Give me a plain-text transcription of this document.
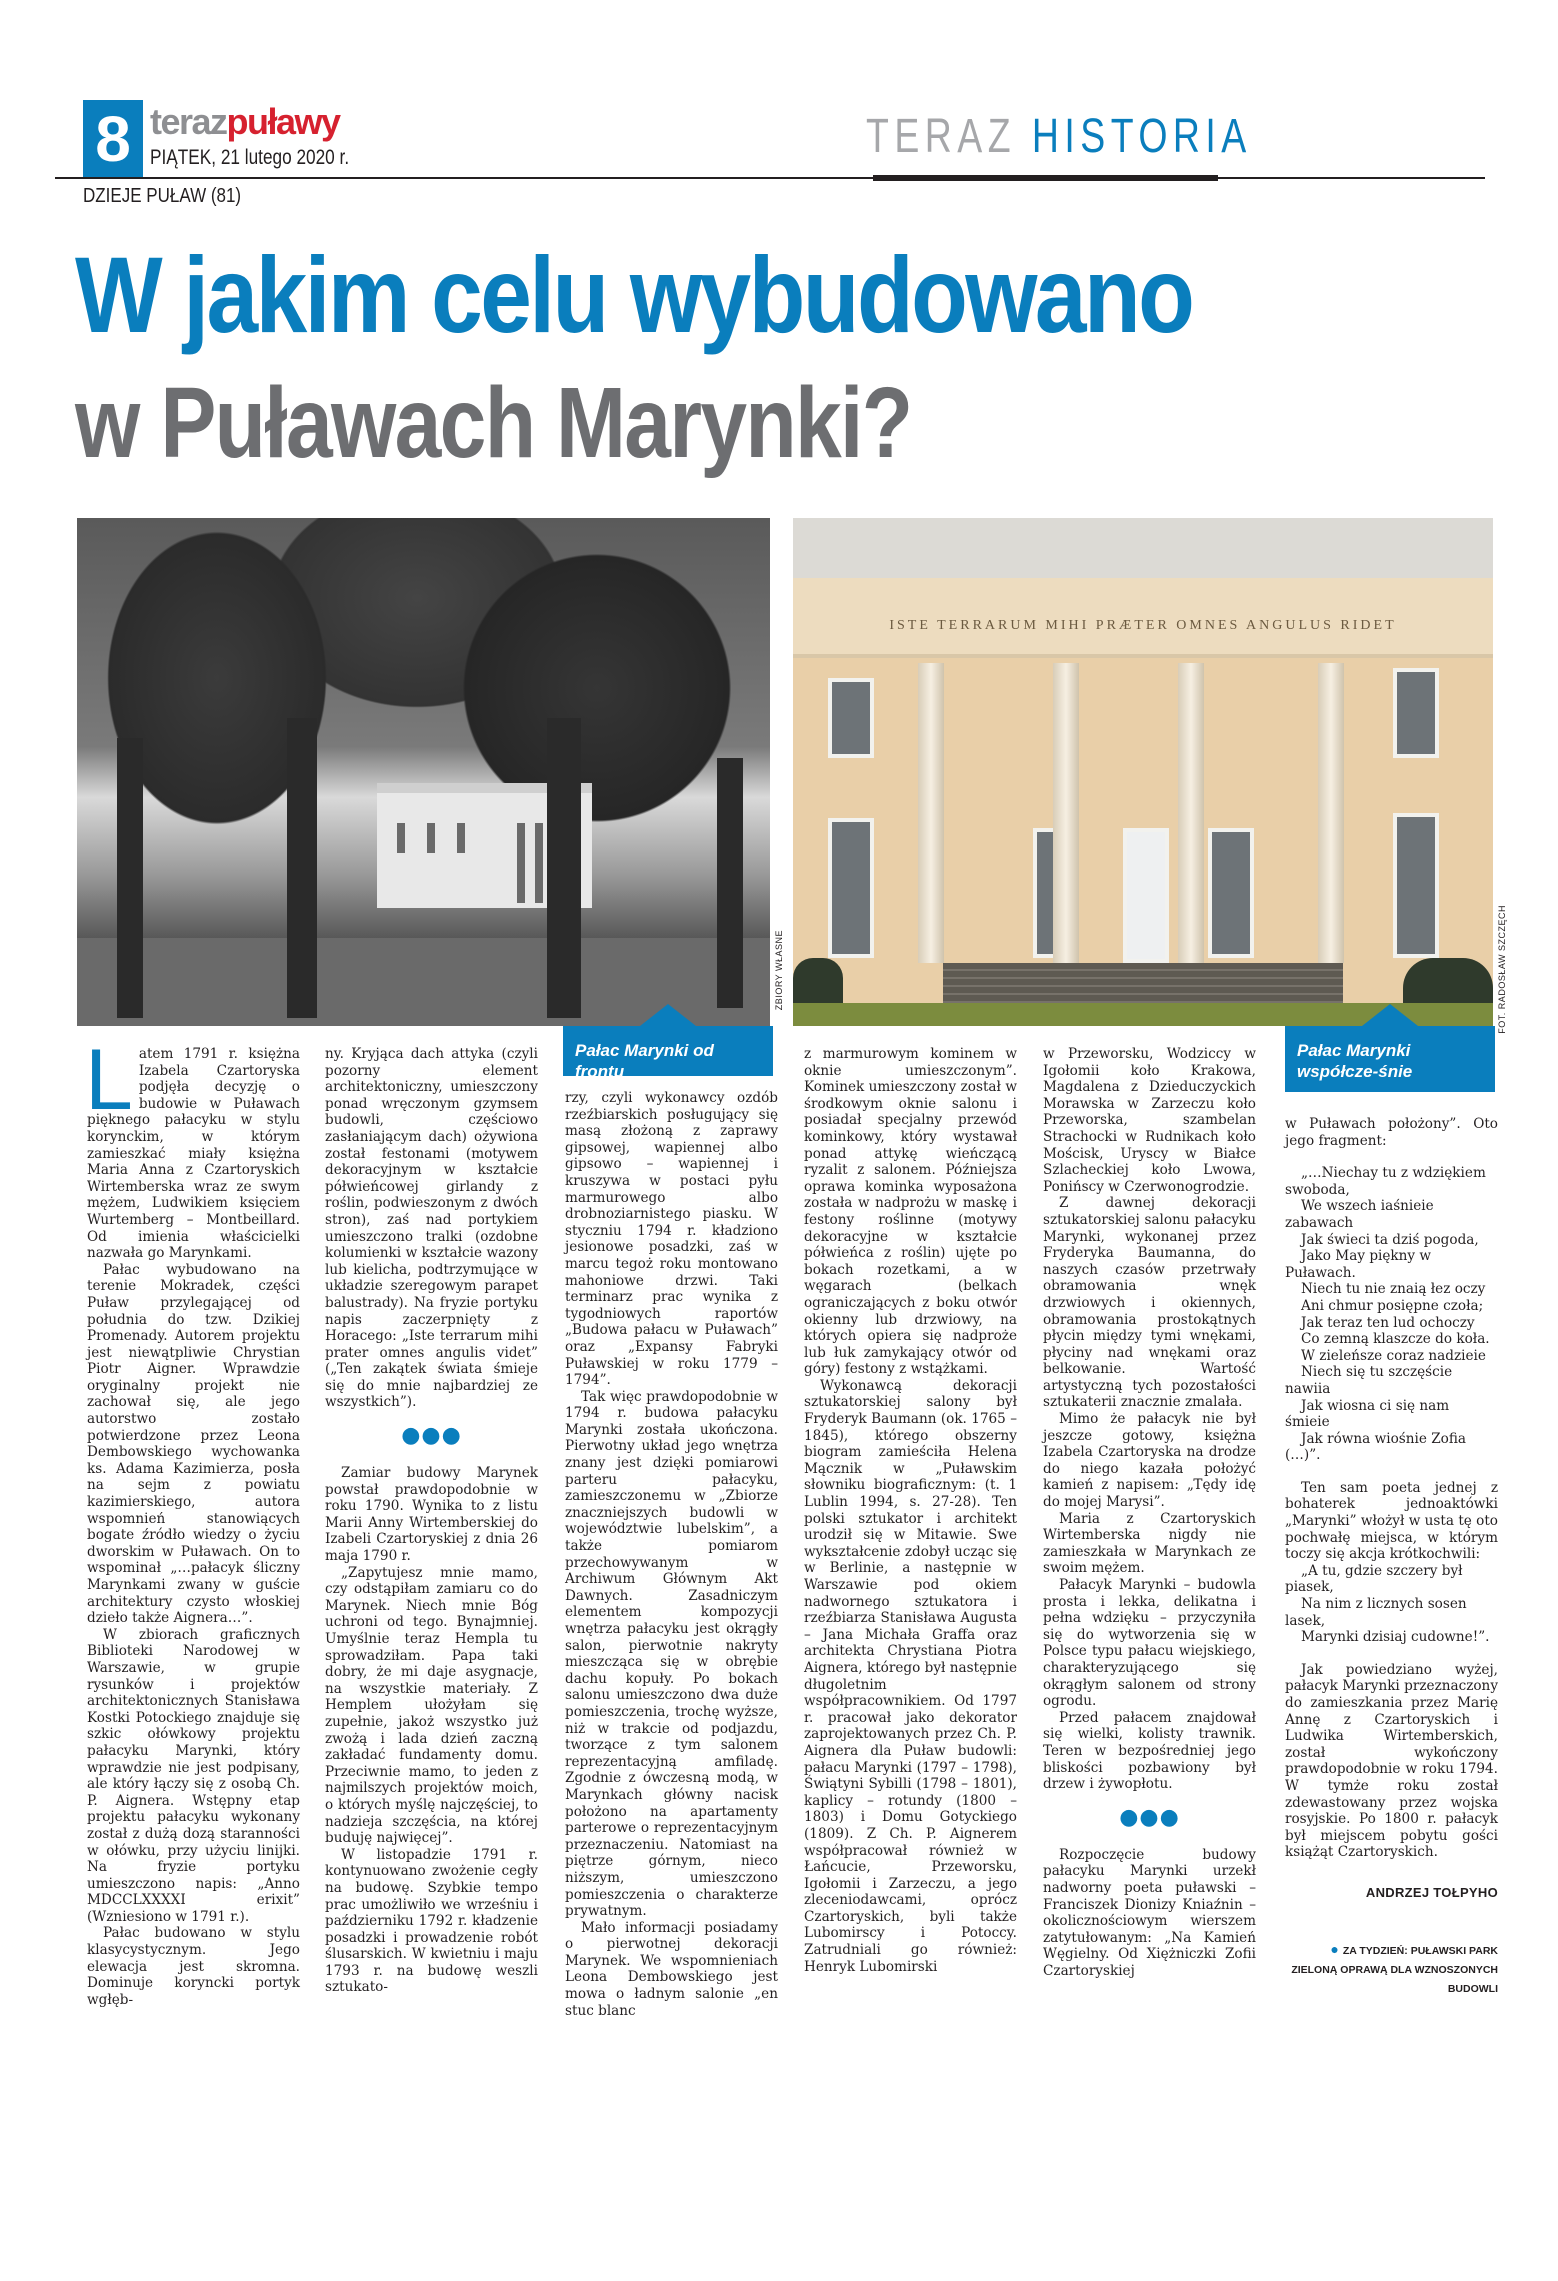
8 terazpuławy
PIĄTEK, 21 lutego 2020 r.	TERAZ HISTORIA
DZIEJE PUŁAW (81)
W jakim celu wybudowano
w Puławach Marynki?
ZBIORY WŁASNE
ISTE TERRARUM MIHI PRÆTER OMNES ANGULUS RIDET
FOT. RADOSŁAW SZCZĘCH
Pałac Marynki od frontu
Pałac Marynki współcze-śnie

Latem 1791 r. księżna Izabela Czartoryska podjęła decyzję o budowie w Puławach pięknego pałacyku w stylu korynckim, w którym zamieszkać miały księżna Maria Anna z Czartoryskich Wirtemberska wraz ze swym mężem, Ludwikiem księciem Wurtemberg – Montbeillard. Od imienia właścicielki nazwała go Marynkami.

Pałac wybudowano na terenie Mokradek, części Puław przylegającej od południa do tzw. Dzikiej Promenady. Autorem projektu jest niewątpliwie Chrystian Piotr Aigner. Wprawdzie oryginalny projekt nie zachował się, ale jego autorstwo zostało potwierdzone przez Leona Dembowskiego wychowanka ks. Adama Kazimierza, posła na sejm z powiatu kazimierskiego, autora wspomnień stanowiących bogate źródło wiedzy o życiu dworskim w Puławach. On to wspominał „…pałacyk śliczny Marynkami zwany w guście architektury czysto włoskiej dzieło także Aignera…”.

W zbiorach graficznych Biblioteki Narodowej w Warszawie, w grupie rysunków i projektów architektonicznych Stanisława Kostki Potockiego znajduje się szkic ołówkowy projektu pałacyku Marynki, który wprawdzie nie jest podpisany, ale który łączy się z osobą Ch. P. Aignera. Wstępny etap projektu pałacyku wykonany został z dużą dozą staranności w ołówku, przy użyciu linijki. Na fryzie portyku umieszczono napis: „Anno MDCCLXXXXI erixit” (Wzniesiono w 1791 r.).

Pałac budowano w stylu klasycystycznym. Jego elewacja jest skromna. Dominuje koryncki portyk wgłęb-

ny. Kryjąca dach attyka (czyli pozorny element architektoniczny, umieszczony ponad wręczonym gzymsem budowli, częściowo zasłaniającym dach) ożywiona został festonami (motywem dekoracyjnym w kształcie półwieńcowej girlandy z roślin, podwieszonym z dwóch stron), zaś nad portykiem umieszczono tralki (ozdobne kolumienki w kształcie wazony lub kielicha, podtrzymujące w układzie szeregowym parapet balustrady). Na fryzie portyku napis zaczerpnięty z Horacego: „Iste terrarum mihi prater omnes angulis videt” („Ten zakątek świata śmieje się do mnie najbardziej ze wszystkich”).

●●●

Zamiar budowy Marynek powstał prawdopodobnie w roku 1790. Wynika to z listu Marii Anny Wirtemberskiej do Izabeli Czartoryskiej z dnia 26 maja 1790 r.

„Zapytujesz mnie mamo, czy odstąpiłam zamiaru co do Marynek. Niech mnie Bóg uchroni od tego. Bynajmniej. Umyślnie teraz Hempla tu sprowadziłam. Papa taki dobry, że mi daje asygnacje, na wszystkie materiały. Z Hemplem ułożyłam się zupełnie, jakoż wszystko już zwożą i lada dzień zaczną zakładać fundamenty domu. Przeciwnie mamo, to jeden z najmilszych projektów moich, o których myślę najczęściej, to nadzieja szczęścia, na której buduję najwięcej”.

W listopadzie 1791 r. kontynuowano zwożenie cegły na budowę. Szybkie tempo prac umożliwiło we wrześniu i październiku 1792 r. kładzenie posadzki i prowadzenie robót ślusarskich. W kwietniu i maju 1793 r. na budowę weszli sztukato-

rzy, czyli wykonawcy ozdób rzeźbiarskich posługujący się masą złożoną z zaprawy gipsowej, wapiennej albo gipsowo – wapiennej i kruszywa w postaci pyłu marmurowego albo drobnoziarnistego piasku. W styczniu 1794 r. kładziono jesionowe posadzki, zaś w marcu tegoż roku montowano mahoniowe drzwi. Taki terminarz prac wynika z tygodniowych raportów „Budowa pałacu w Puławach” oraz „Expansy Fabryki Puławskiej w roku 1779 – 1794”.

Tak więc prawdopodobnie w 1794 r. budowa pałacyku Marynki została ukończona. Pierwotny układ jego wnętrza znany jest dzięki pomiarowi parteru pałacyku, zamieszczonemu w „Zbiorze znaczniejszych budowli w województwie lubelskim”, a także pomiarom przechowywanym w Archiwum Głównym Akt Dawnych. Zasadniczym elementem kompozycji wnętrza pałacyku jest okrągły salon, pierwotnie nakryty mieszcząca się w obrębie dachu kopuły. Po bokach salonu umieszczono dwa duże pomieszczenia, trochę wyższe, niż w trakcie od podjazdu, tworzące z tym salonem reprezentacyjną amfiladę. Zgodnie z ówczesną modą, w Marynkach główny nacisk położono na apartamenty parterowe o reprezentacyjnym przeznaczeniu. Natomiast na piętrze górnym, nieco niższym, umieszczono pomieszczenia o charakterze prywatnym.

Mało informacji posiadamy o pierwotnej dekoracji Marynek. We wspomnieniach Leona Dembowskiego jest mowa o ładnym salonie „en stuc blanc

z marmurowym kominem w oknie umieszczonym”. Kominek umieszczony został w środkowym oknie salonu i posiadał specjalny przewód kominkowy, który wystawał ponad attykę wieńczącą ryzalit z salonem. Późniejsza oprawa kominka wyposażona została w nadprożu w maskę i festony roślinne (motywy dekoracyjne w kształcie półwieńca z roślin) ujęte po bokach rozetkami, a w węgarach (belkach ograniczających z boku otwór okienny lub drzwiowy, na których opiera się nadproże lub łuk zamykający otwór od góry) festony z wstążkami.

Wykonawcą dekoracji sztukatorskiej salony był Fryderyk Baumann (ok. 1765 – 1845), którego obszerny biogram zamieściła Helena Mącznik w „Puławskim słowniku biograficznym: (t. 1 Lublin 1994, s. 27-28). Ten polski sztukator i architekt urodził się w Mitawie. Swe wykształcenie zdobył ucząc się w Berlinie, a następnie w Warszawie pod okiem nadwornego sztukatora i rzeźbiarza Stanisława Augusta – Jana Michała Graffa oraz architekta Chrystiana Piotra Aignera, którego był następnie długoletnim współpracownikiem. Od 1797 r. pracował jako dekorator zaprojektowanych przez Ch. P. Aignera dla Puław budowli: pałacu Marynki (1797 – 1798), Świątyni Sybilli (1798 – 1801), kaplicy – rotundy (1800 – 1803) i Domu Gotyckiego (1809). Z Ch. P. Aignerem współpracował również w Łańcucie, Przeworsku, Igołomii i Zarzeczu, a jego zleceniodawcami, oprócz Czartoryskich, byli także Lubomirscy i Potoccy. Zatrudniali go również: Henryk Lubomirski

w Przeworsku, Wodziccy w Igołomii koło Krakowa, Magdalena z Dzieduczyckich Morawska w Zarzeczu koło Przeworska, szambelan Strachocki w Rudnikach koło Mościsk, Uryscy w Białce Szlacheckiej koło Lwowa, Ponińscy w Czerwonogrodzie.

Z dawnej dekoracji sztukatorskiej salonu pałacyku Marynki, wykonanej przez Fryderyka Baumanna, do naszych czasów przetrwały obramowania wnęk drzwiowych i okiennych, obramowania prostokątnych płycin między tymi wnękami, płyciny nad wnękami oraz belkowanie. Wartość artystyczną tych pozostałości sztukaterii znacznie zmalała.

Mimo że pałacyk nie był jeszcze gotowy, księżna Izabela Czartoryska na drodze do niego kazała położyć kamień z napisem: „Tędy idę do mojej Marysi”.

Maria z Czartoryskich Wirtemberska nigdy nie zamieszkała w Marynkach ze swoim mężem.

Pałacyk Marynki – budowla prosta i lekka, delikatna i pełna wdzięku – przyczyniła się do wytworzenia się w Polsce typu pałacu wiejskiego, charakteryzującego się okrągłym salonem od strony ogrodu.

Przed pałacem znajdował się wielki, kolisty trawnik. Teren w bezpośredniej jego bliskości pozbawiony był drzew i żywopłotu.

●●●

Rozpoczęcie budowy pałacyku Marynki urzekł nadworny poeta puławski – Franciszek Dionizy Kniaźnin – okolicznościowym wierszem zatytułowanym: „Na Kamień Węgielny. Od Xiężniczki Zofii Czartoryskiej

w Puławach położony”. Oto jego fragment:

„…Niechay tu z wdziękiem swoboda,

We wszech iaśnieie zabawach

Jak świeci ta dziś pogoda,

Jako May piękny w Puławach.

Niech tu nie znaią łez oczy

Ani chmur posiępne czoła;

Jak teraz ten lud ochoczy

Co zemną klaszcze do koła.

W zieleńsze coraz nadzieie

Niech się tu szczęście nawiia

Jak wiosna ci się nam śmieie

Jak równa wiośnie Zofia (…)”.

Ten sam poeta jednej z bohaterek jednoaktówki „Marynki” włożył w usta tę oto pochwałę miejsca, w którym toczy się akcja krótkochwili:

„A tu, gdzie szczery był piasek,

Na nim z licznych sosen lasek,

Marynki dzisiaj cudowne!”.

Jak powiedziano wyżej, pałacyk Marynki przeznaczony do zamieszkania przez Marię Annę z Czartoryskich i Ludwika Wirtemberskich, został wykończony prawdopodobnie w roku 1794. W tymże roku został zdewastowany przez wojska rosyjskie. Po 1800 r. pałacyk był miejscem pobytu gości książąt Czartoryskich.

ANDRZEJ TOŁPYHO
● ZA TYDZIEŃ: PUŁAWSKI PARK ZIELONĄ OPRAWĄ DLA WZNOSZONYCH BUDOWLI
